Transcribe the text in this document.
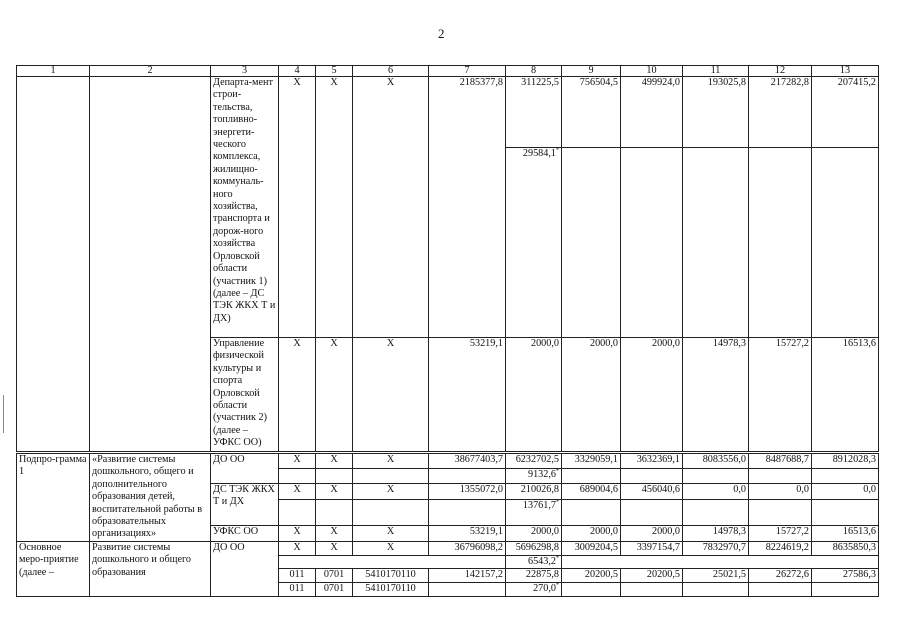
2
1	2	3	4	5	6	7	8	9	10	11	12	13
		Департа-мент строи-тельства, топливно-энергети-ческого комплекса, жилищно-коммуналь-ного хозяйства, транспорта и дорож-ного хозяйства Орловской области (участник 1) (далее – ДС ТЭК ЖКХ Т и ДХ)	Х	Х	Х	2185377,8	311225,5	756504,5	499924,0	193025,8	217282,8	207415,2
							29584,1*					
		Управление физической культуры и спорта Орловской области (участник 2) (далее – УФКС ОО)	Х	Х	Х	53219,1	2000,0	2000,0	2000,0	14978,3	15727,2	16513,6
Подпро-грамма 1	«Развитие системы дошкольного, общего и дополнительного образования детей, воспитательной работы в образовательных организациях»	ДО ОО	Х	Х	Х	38677403,7	6232702,5	3329059,1	3632369,1	8083556,0	8487688,7	8912028,3
							9132,6*					
		ДС ТЭК ЖКХ Т и ДХ	Х	Х	Х	1355072,0	210026,8	689004,6	456040,6	0,0	0,0	0,0
							13761,7*					
		УФКС ОО	Х	Х	Х	53219,1	2000,0	2000,0	2000,0	14978,3	15727,2	16513,6

Основное меро-приятие (далее –	Развитие системы дошкольного и общего образования	ДО ОО	Х	Х	Х	36796098,2	5696298,8	3009204,5	3397154,7	7832970,7	8224619,2	8635850,3
							6543,2*	
			011	0701	5410170110	142157,2	22875,8	20200,5	20200,5	25021,5	26272,6	27586,3
			011	0701	5410170110		270,0*					
